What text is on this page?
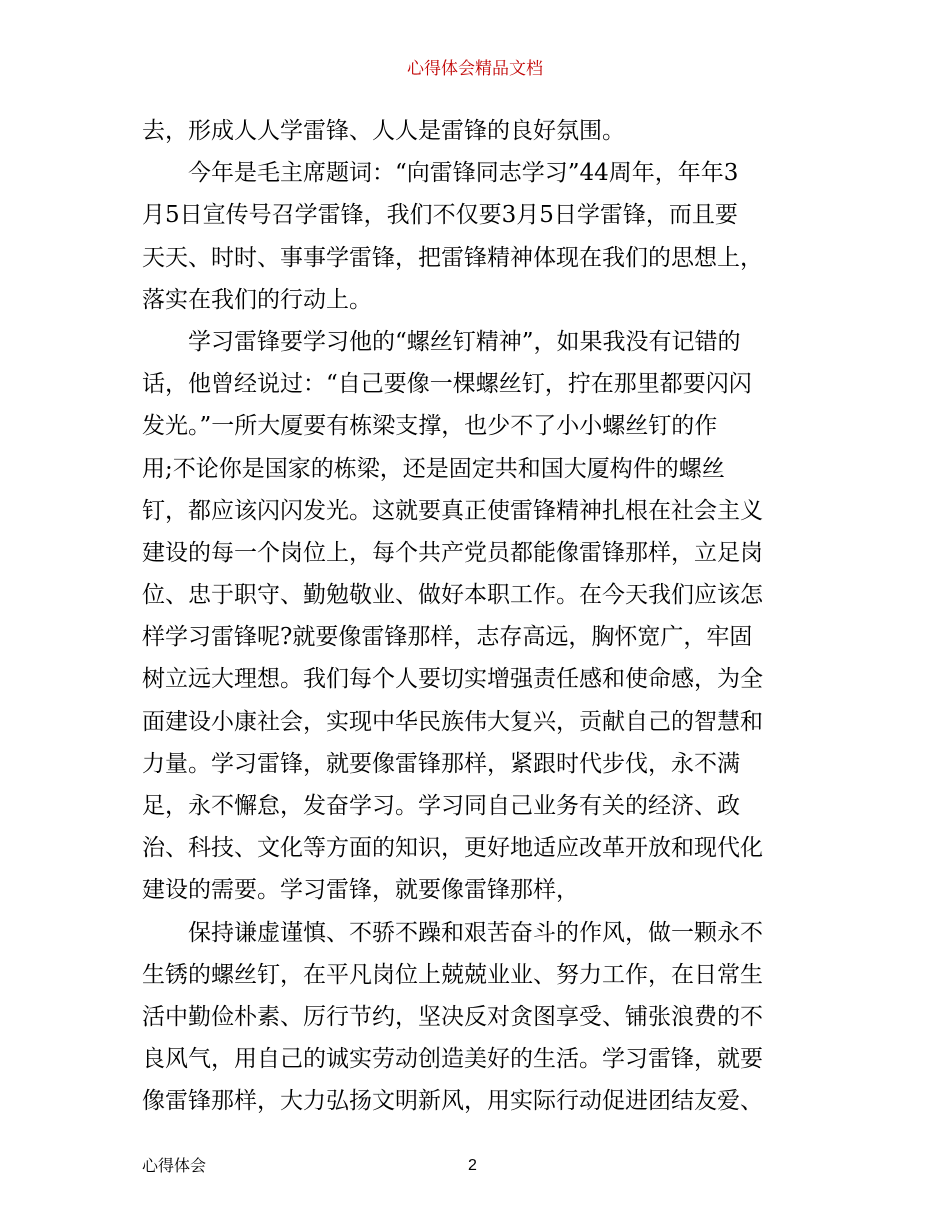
心得体会精品文档
去，形成人人学雷锋、人人是雷锋的良好氛围。
今年是毛主席题词：“向雷锋同志学习”44周年，年年3
月5日宣传号召学雷锋，我们不仅要3月5日学雷锋，而且要
天天、时时、事事学雷锋，把雷锋精神体现在我们的思想上，
落实在我们的行动上。
学习雷锋要学习他的“螺丝钉精神”，如果我没有记错的
话，他曾经说过：“自己要像一棵螺丝钉，拧在那里都要闪闪
发光。”一所大厦要有栋梁支撑，也少不了小小螺丝钉的作
用;不论你是国家的栋梁，还是固定共和国大厦构件的螺丝
钉，都应该闪闪发光。这就要真正使雷锋精神扎根在社会主义
建设的每一个岗位上，每个共产党员都能像雷锋那样，立足岗
位、忠于职守、勤勉敬业、做好本职工作。在今天我们应该怎
样学习雷锋呢?就要像雷锋那样，志存高远，胸怀宽广，牢固
树立远大理想。我们每个人要切实增强责任感和使命感，为全
面建设小康社会，实现中华民族伟大复兴，贡献自己的智慧和
力量。学习雷锋，就要像雷锋那样，紧跟时代步伐，永不满
足，永不懈怠，发奋学习。学习同自己业务有关的经济、政
治、科技、文化等方面的知识，更好地适应改革开放和现代化
建设的需要。学习雷锋，就要像雷锋那样，
保持谦虚谨慎、不骄不躁和艰苦奋斗的作风，做一颗永不
生锈的螺丝钉，在平凡岗位上兢兢业业、努力工作，在日常生
活中勤俭朴素、厉行节约，坚决反对贪图享受、铺张浪费的不
良风气，用自己的诚实劳动创造美好的生活。学习雷锋，就要
像雷锋那样，大力弘扬文明新风，用实际行动促进团结友爱、
心得体会	2
